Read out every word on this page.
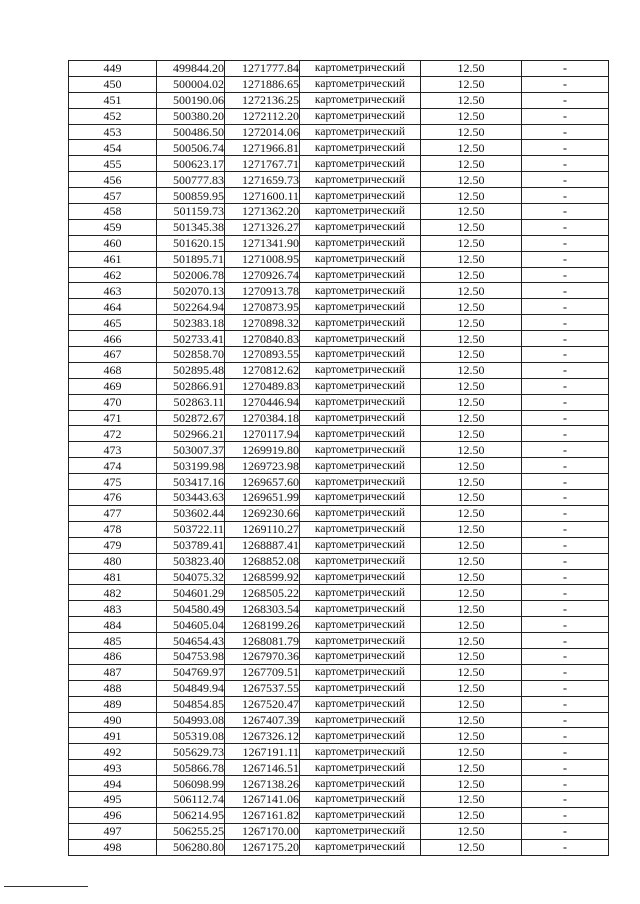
449	499844.20	1271777.84	картометрический	12.50	-
450	500004.02	1271886.65	картометрический	12.50	-
451	500190.06	1272136.25	картометрический	12.50	-
452	500380.20	1272112.20	картометрический	12.50	-
453	500486.50	1272014.06	картометрический	12.50	-
454	500506.74	1271966.81	картометрический	12.50	-
455	500623.17	1271767.71	картометрический	12.50	-
456	500777.83	1271659.73	картометрический	12.50	-
457	500859.95	1271600.11	картометрический	12.50	-
458	501159.73	1271362.20	картометрический	12.50	-
459	501345.38	1271326.27	картометрический	12.50	-
460	501620.15	1271341.90	картометрический	12.50	-
461	501895.71	1271008.95	картометрический	12.50	-
462	502006.78	1270926.74	картометрический	12.50	-
463	502070.13	1270913.78	картометрический	12.50	-
464	502264.94	1270873.95	картометрический	12.50	-
465	502383.18	1270898.32	картометрический	12.50	-
466	502733.41	1270840.83	картометрический	12.50	-
467	502858.70	1270893.55	картометрический	12.50	-
468	502895.48	1270812.62	картометрический	12.50	-
469	502866.91	1270489.83	картометрический	12.50	-
470	502863.11	1270446.94	картометрический	12.50	-
471	502872.67	1270384.18	картометрический	12.50	-
472	502966.21	1270117.94	картометрический	12.50	-
473	503007.37	1269919.80	картометрический	12.50	-
474	503199.98	1269723.98	картометрический	12.50	-
475	503417.16	1269657.60	картометрический	12.50	-
476	503443.63	1269651.99	картометрический	12.50	-
477	503602.44	1269230.66	картометрический	12.50	-
478	503722.11	1269110.27	картометрический	12.50	-
479	503789.41	1268887.41	картометрический	12.50	-
480	503823.40	1268852.08	картометрический	12.50	-
481	504075.32	1268599.92	картометрический	12.50	-
482	504601.29	1268505.22	картометрический	12.50	-
483	504580.49	1268303.54	картометрический	12.50	-
484	504605.04	1268199.26	картометрический	12.50	-
485	504654.43	1268081.79	картометрический	12.50	-
486	504753.98	1267970.36	картометрический	12.50	-
487	504769.97	1267709.51	картометрический	12.50	-
488	504849.94	1267537.55	картометрический	12.50	-
489	504854.85	1267520.47	картометрический	12.50	-
490	504993.08	1267407.39	картометрический	12.50	-
491	505319.08	1267326.12	картометрический	12.50	-
492	505629.73	1267191.11	картометрический	12.50	-
493	505866.78	1267146.51	картометрический	12.50	-
494	506098.99	1267138.26	картометрический	12.50	-
495	506112.74	1267141.06	картометрический	12.50	-
496	506214.95	1267161.82	картометрический	12.50	-
497	506255.25	1267170.00	картометрический	12.50	-
498	506280.80	1267175.20	картометрический	12.50	-
